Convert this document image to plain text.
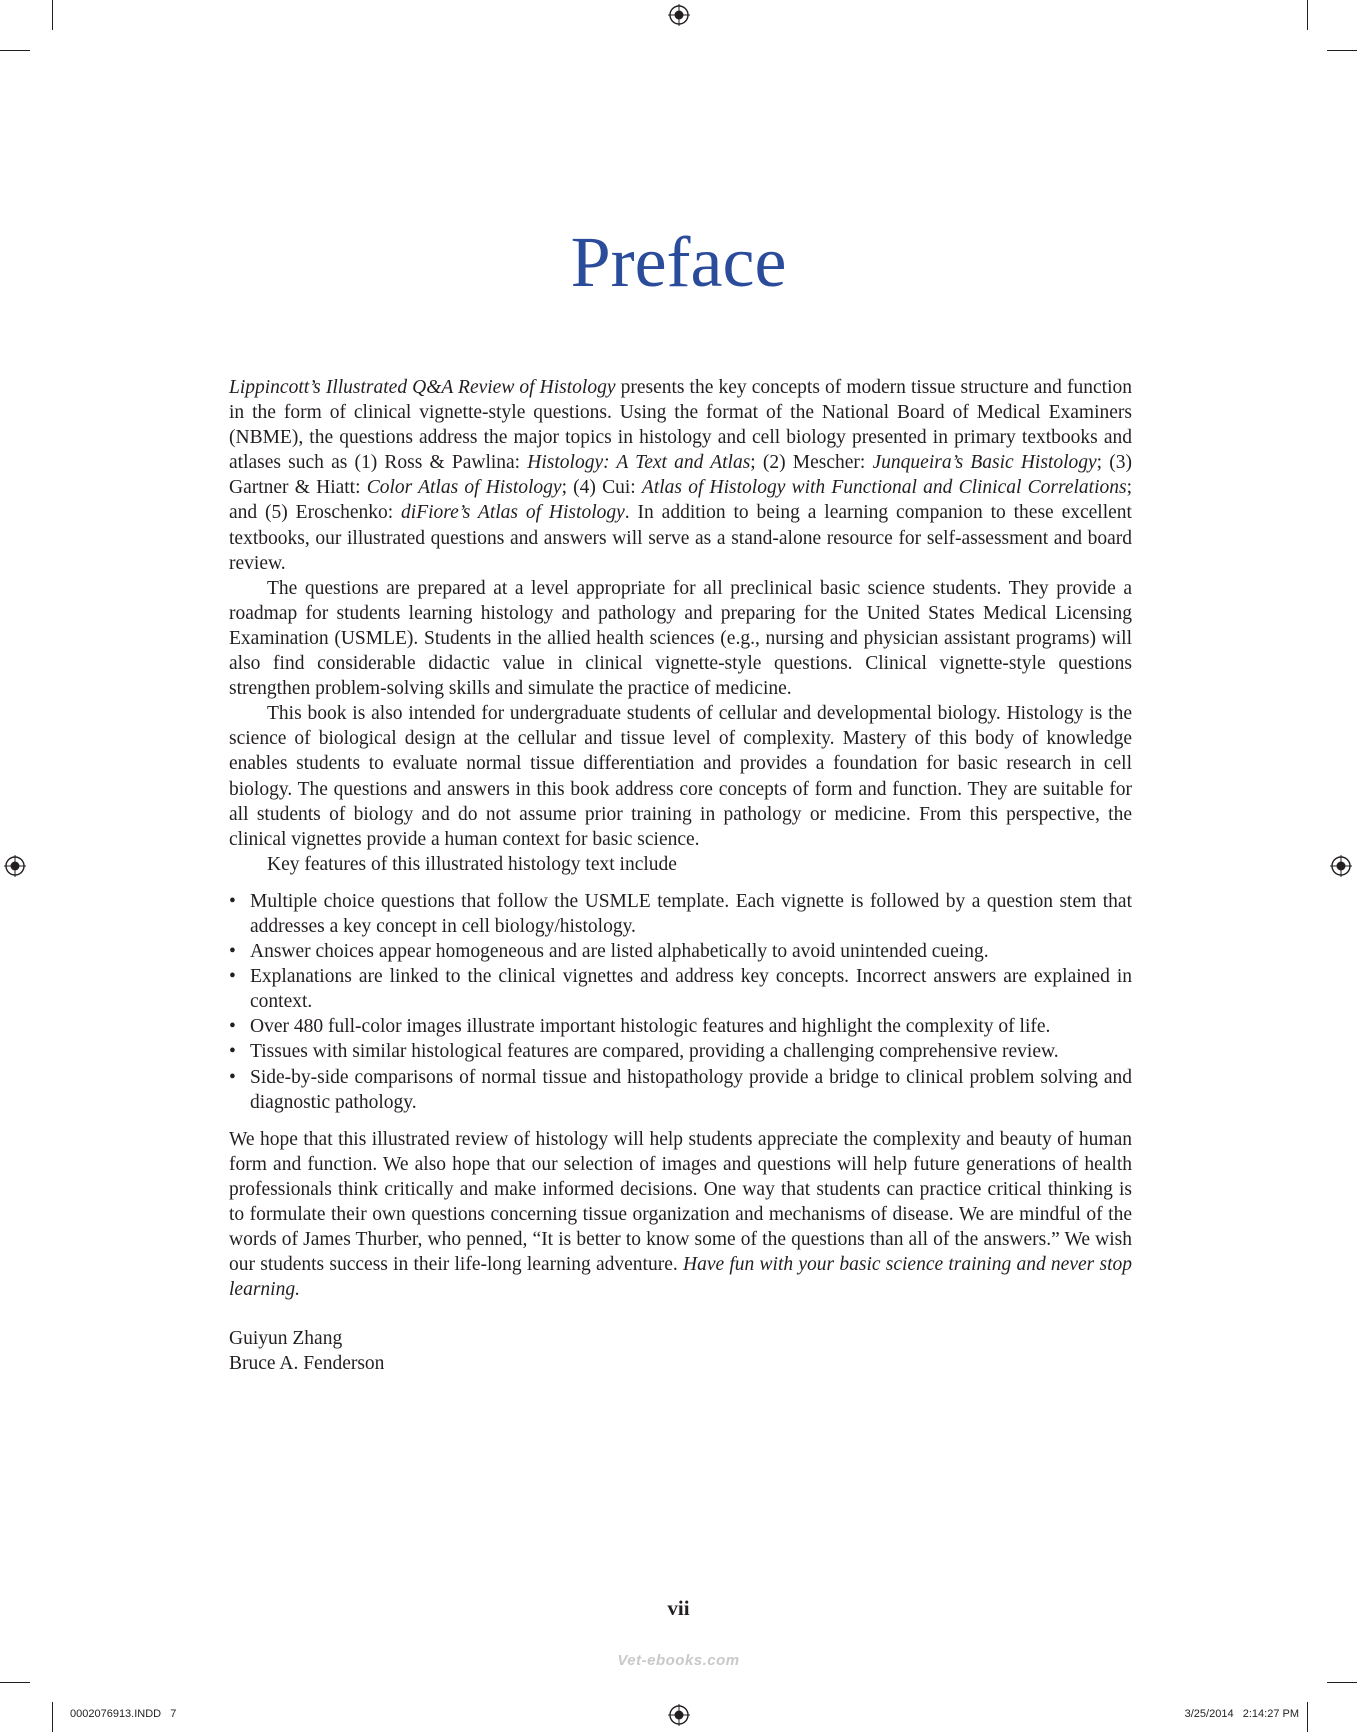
Preface

Lippincott’s Illustrated Q&A Review of Histology presents the key concepts of modern tissue structure and function in the form of clinical vignette-style questions. Using the format of the National Board of Medical Examiners (NBME), the questions address the major topics in histology and cell biology presented in primary textbooks and atlases such as (1) Ross & Pawlina: Histology: A Text and Atlas; (2) Mescher: Junqueira’s Basic Histology; (3) Gartner & Hiatt: Color Atlas of Histology; (4) Cui: Atlas of Histology with Functional and Clinical Correlations; and (5) Eroschenko: diFiore’s Atlas of Histology. In addition to being a learning companion to these excellent textbooks, our illustrated questions and answers will serve as a stand-alone resource for self-assessment and board review.

The questions are prepared at a level appropriate for all preclinical basic science students. They provide a roadmap for students learning histology and pathology and preparing for the United States Medical Licensing Examination (USMLE). Students in the allied health sciences (e.g., nursing and physician assistant programs) will also find considerable didactic value in clinical vignette-style questions. Clinical vignette-style questions strengthen problem-solving skills and simulate the practice of medicine.

This book is also intended for undergraduate students of cellular and developmental biology. Histology is the science of biological design at the cellular and tissue level of complexity. Mastery of this body of knowledge enables students to evaluate normal tissue differentiation and provides a foundation for basic research in cell biology. The questions and answers in this book address core concepts of form and function. They are suitable for all students of biology and do not assume prior training in pathology or medicine. From this perspective, the clinical vignettes provide a human context for basic science.

Key features of this illustrated histology text include

• Multiple choice questions that follow the USMLE template. Each vignette is followed by a question stem that addresses a key concept in cell biology/histology.
• Answer choices appear homogeneous and are listed alphabetically to avoid unintended cueing.
• Explanations are linked to the clinical vignettes and address key concepts. Incorrect answers are explained in context.
• Over 480 full-color images illustrate important histologic features and highlight the complexity of life.
• Tissues with similar histological features are compared, providing a challenging comprehensive review.
• Side-by-side comparisons of normal tissue and histopathology provide a bridge to clinical problem solving and diagnostic pathology.

We hope that this illustrated review of histology will help students appreciate the complexity and beauty of human form and function. We also hope that our selection of images and questions will help future generations of health professionals think critically and make informed decisions. One way that students can practice critical thinking is to formulate their own questions concerning tissue organization and mechanisms of disease. We are mindful of the words of James Thurber, who penned, “It is better to know some of the questions than all of the answers.” We wish our students success in their life-long learning adventure. Have fun with your basic science training and never stop learning.

Guiyun Zhang
Bruce A. Fenderson

vii
Vet-ebooks.com
0002076913.INDD   7	3/25/2014   2:14:27 PM
